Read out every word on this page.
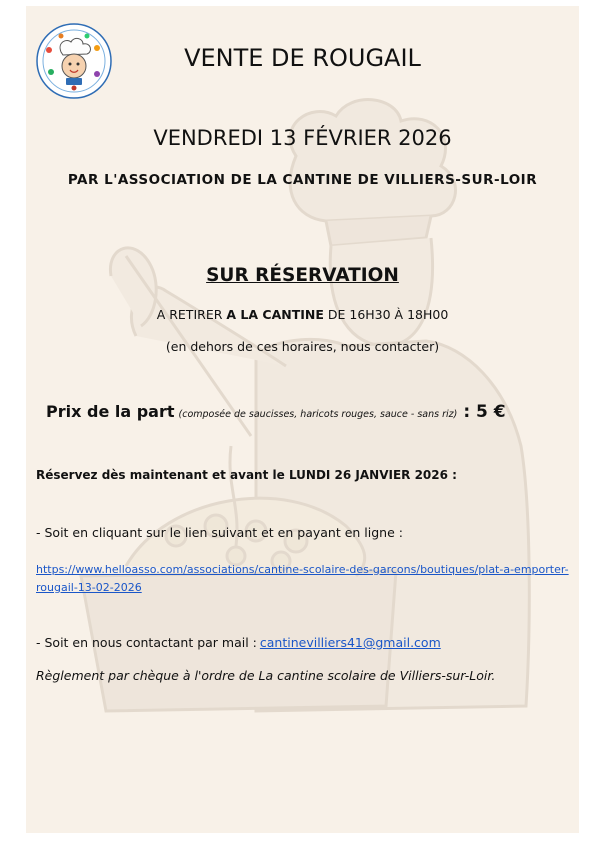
VENTE DE ROUGAIL
VENDREDI 13 FÉVRIER 2026
PAR L'ASSOCIATION DE LA CANTINE DE VILLIERS-SUR-LOIR
SUR RÉSERVATION
A RETIRER A LA CANTINE DE 16H30 À 18H00
(en dehors de ces horaires, nous contacter)
Prix de la part (composée de saucisses, haricots rouges, sauce - sans riz) : 5 €
Réservez dès maintenant et avant le LUNDI 26 JANVIER 2026 :
- Soit en cliquant sur le lien suivant et en payant en ligne :
https://www.helloasso.com/associations/cantine-scolaire-des-garcons/boutiques/plat-a-emporter-rougail-13-02-2026
- Soit en nous contactant par mail : cantinevilliers41@gmail.com
Règlement par chèque à l'ordre de La cantine scolaire de Villiers-sur-Loir.
